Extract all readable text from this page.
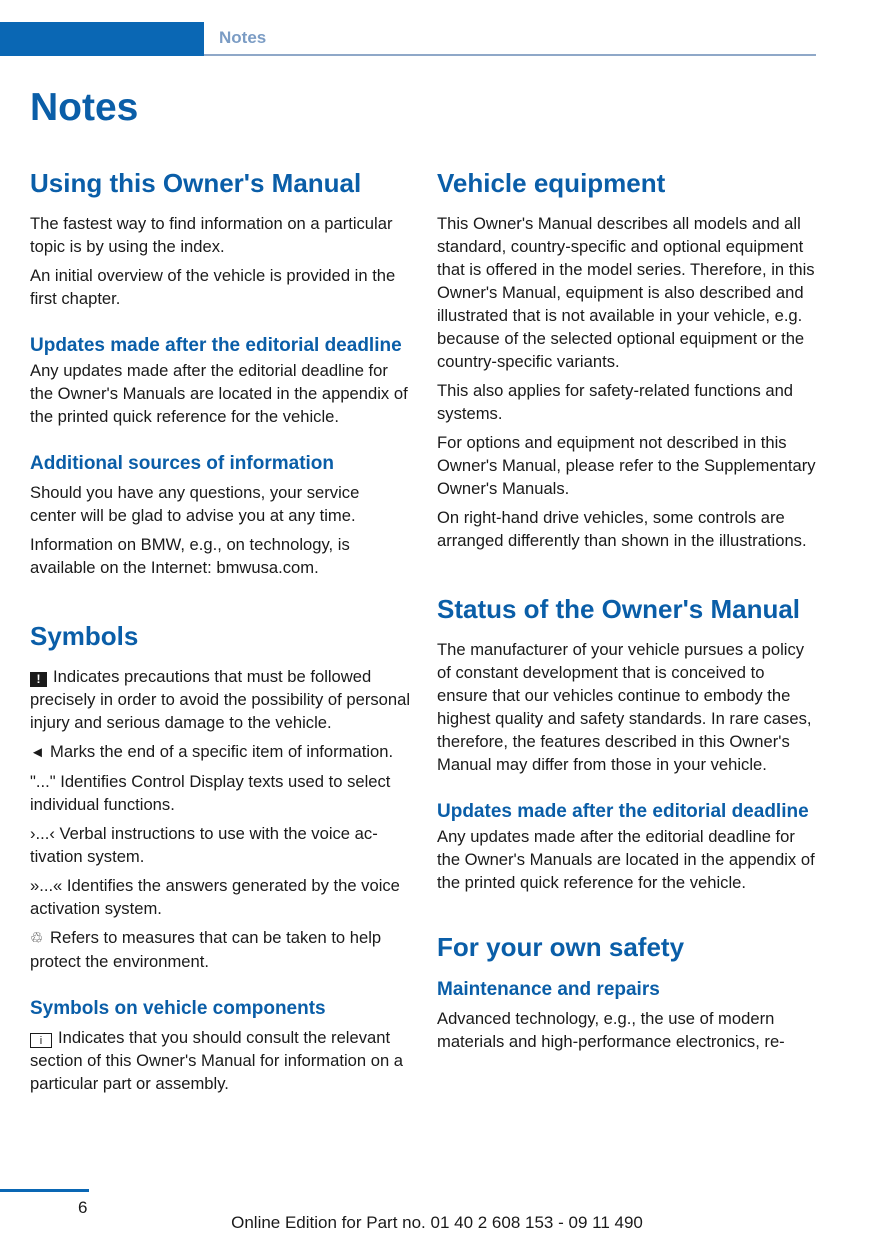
Notes
Notes
Using this Owner's Manual

The fastest way to find information on a particular topic is by using the index.

An initial overview of the vehicle is provided in the first chapter.

Updates made after the editorial deadline

Any updates made after the editorial deadline for the Owner's Manuals are located in the appendix of the printed quick reference for the vehicle.

Additional sources of information

Should you have any questions, your service center will be glad to advise you at any time.

Information on BMW, e.g., on technology, is available on the Internet: bmwusa.com.

Symbols

! Indicates precautions that must be followed precisely in order to avoid the possibility of personal injury and serious damage to the vehicle.

◄ Marks the end of a specific item of information.

"..." Identifies Control Display texts used to select individual functions.

›...‹ Verbal instructions to use with the voice activation system.

»...« Identifies the answers generated by the voice activation system.

♲ Refers to measures that can be taken to help protect the environment.

Symbols on vehicle components

i Indicates that you should consult the relevant section of this Owner's Manual for information on a particular part or assembly.

Vehicle equipment

This Owner's Manual describes all models and all standard, country-specific and optional equipment that is offered in the model series. Therefore, in this Owner's Manual, equipment is also described and illustrated that is not available in your vehicle, e.g. because of the selected optional equipment or the country-specific variants.

This also applies for safety-related functions and systems.

For options and equipment not described in this Owner's Manual, please refer to the Supplementary Owner's Manuals.

On right-hand drive vehicles, some controls are arranged differently than shown in the illustrations.

Status of the Owner's Manual

The manufacturer of your vehicle pursues a policy of constant development that is conceived to ensure that our vehicles continue to embody the highest quality and safety standards. In rare cases, therefore, the features described in this Owner's Manual may differ from those in your vehicle.

Updates made after the editorial deadline

Any updates made after the editorial deadline for the Owner's Manuals are located in the appendix of the printed quick reference for the vehicle.

For your own safety
Maintenance and repairs

Advanced technology, e.g., the use of modern materials and high-performance electronics, re-

6
Online Edition for Part no. 01 40 2 608 153 - 09 11 490
